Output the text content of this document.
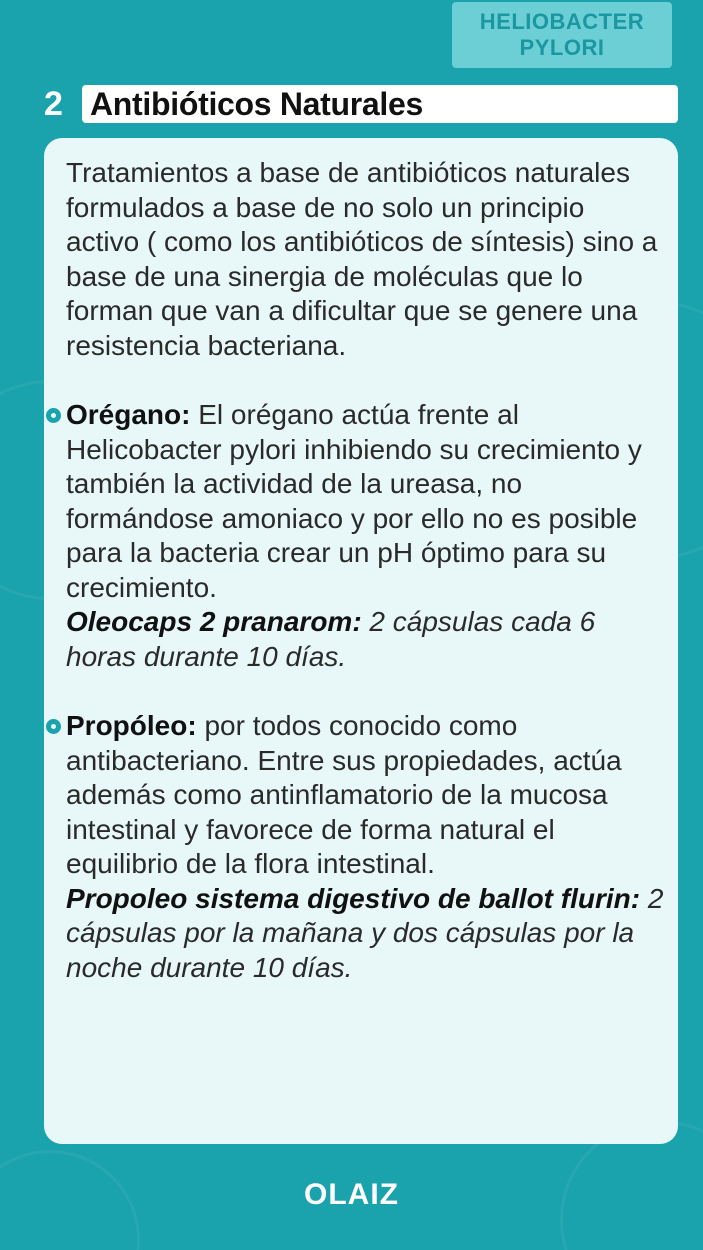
HELIOBACTER
PYLORI
2 Antibióticos Naturales

Tratamientos a base de antibióticos naturales formulados a base de no solo un principio activo ( como los antibióticos de síntesis) sino a base de una sinergia de moléculas que lo forman que van a dificultar que se genere una resistencia bacteriana.

Orégano: El orégano actúa frente al Helicobacter pylori inhibiendo su crecimiento y también la actividad de la ureasa, no formándose amoniaco y por ello no es posible para la bacteria crear un pH óptimo para su crecimiento.
Oleocaps 2 pranarom: 2 cápsulas cada 6 horas durante 10 días.
Propóleo: por todos conocido como antibacteriano. Entre sus propiedades, actúa además como antinflamatorio de la mucosa intestinal y favorece de forma natural el equilibrio de la flora intestinal.
Propoleo sistema digestivo de ballot flurin: 2 cápsulas por la mañana y dos cápsulas por la noche durante 10 días.
OLAIZ
